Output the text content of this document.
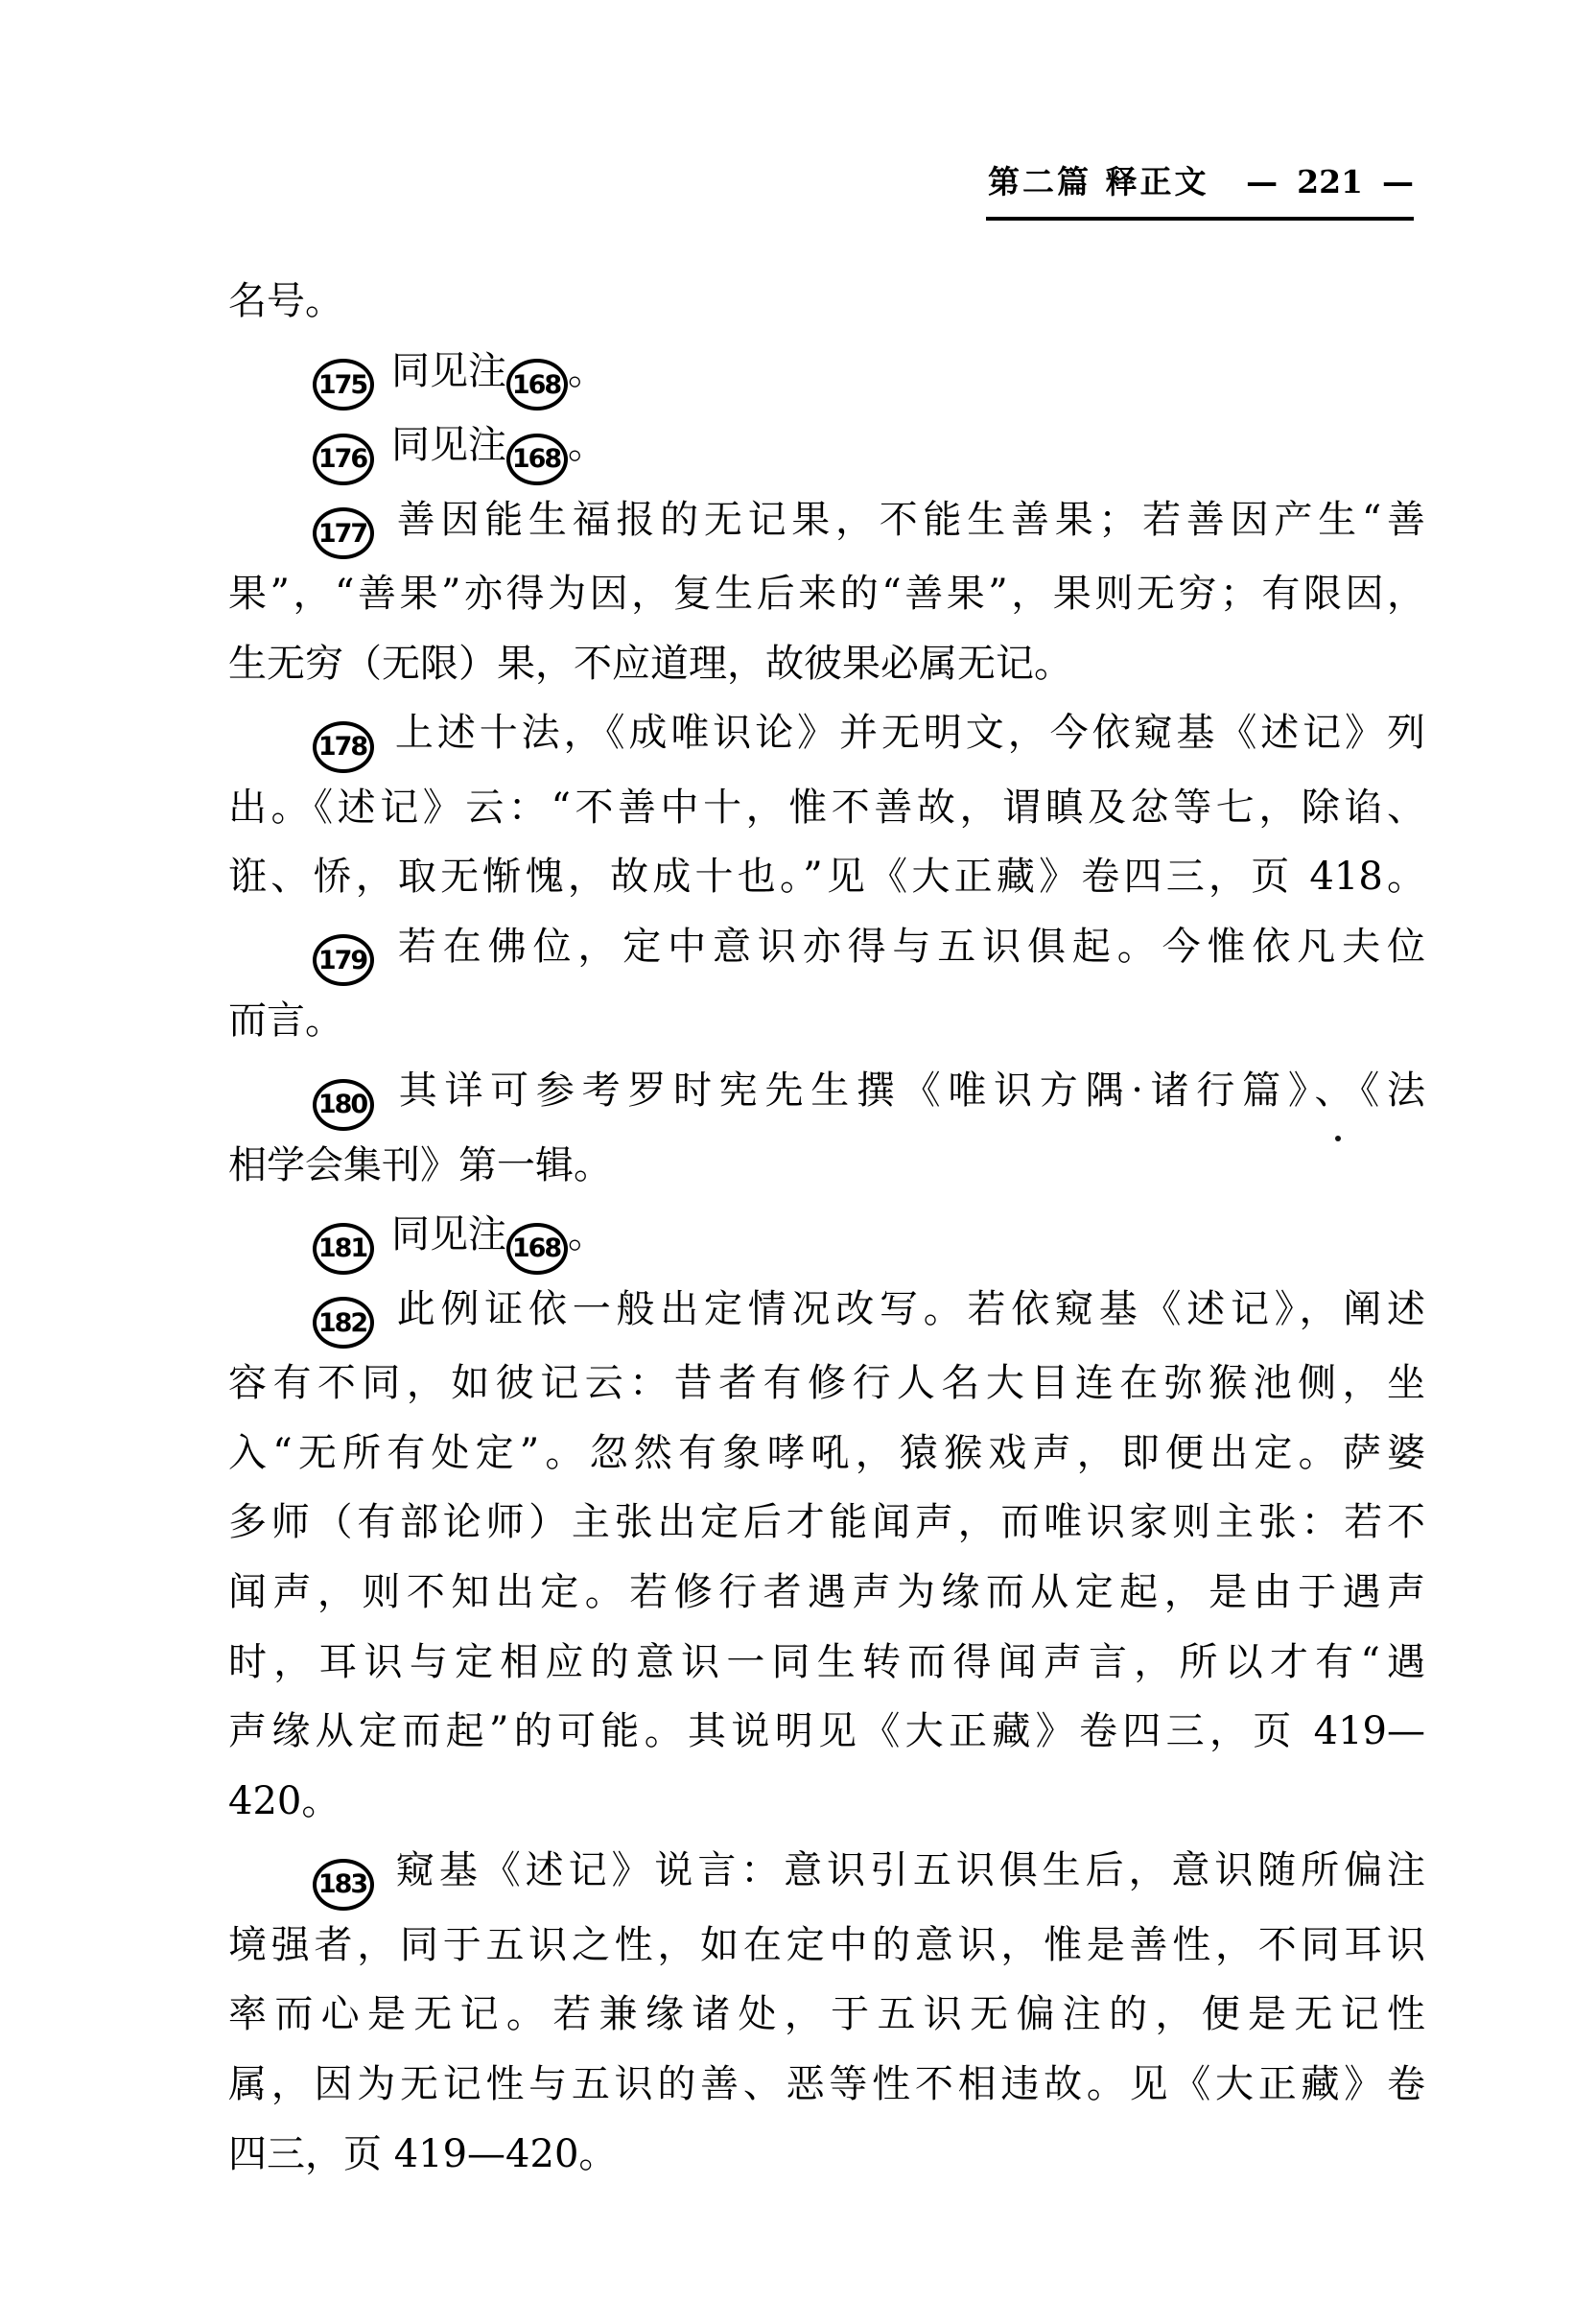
第二篇 释正文 — 221 —
名号。
175 同见注 168 。
176 同见注 168 。
177 善因能生福报的无记果，不能生善果；若善因产生“善
果”，“善果”亦得为因，复生后来的“善果”，果则无穷；有限因，
生无穷（无限）果，不应道理，故彼果必属无记。
178 上述十法，《成唯识论》并无明文，今依窥基《述记》列
出。《述记》云：“不善中十，惟不善故，谓瞋及忿等七，除谄、
诳、㤭，取无惭愧，故成十也。”见《大正藏》卷四三，页 418。
179 若在佛位，定中意识亦得与五识俱起。今惟依凡夫位
而言。
180 其详可参考罗时宪先生撰《唯识方隅·诸行篇》、《法
相学会集刊》第一辑。
181 同见注 168 。
182 此例证依一般出定情况改写。若依窥基《述记》，阐述
容有不同，如彼记云：昔者有修行人名大目连在弥猴池侧，坐
入“无所有处定”。忽然有象哮吼，猿猴戏声，即便出定。萨婆
多师（有部论师）主张出定后才能闻声，而唯识家则主张：若不
闻声，则不知出定。若修行者遇声为缘而从定起，是由于遇声
时，耳识与定相应的意识一同生转而得闻声言，所以才有“遇
声缘从定而起”的可能。其说明见《大正藏》卷四三，页 419—
420。
183 窥基《述记》说言：意识引五识俱生后，意识随所偏注
境强者，同于五识之性，如在定中的意识，惟是善性，不同耳识
率而心是无记。若兼缘诸处，于五识无偏注的，便是无记性
属，因为无记性与五识的善、恶等性不相违故。见《大正藏》卷
四三，页 419—420。
